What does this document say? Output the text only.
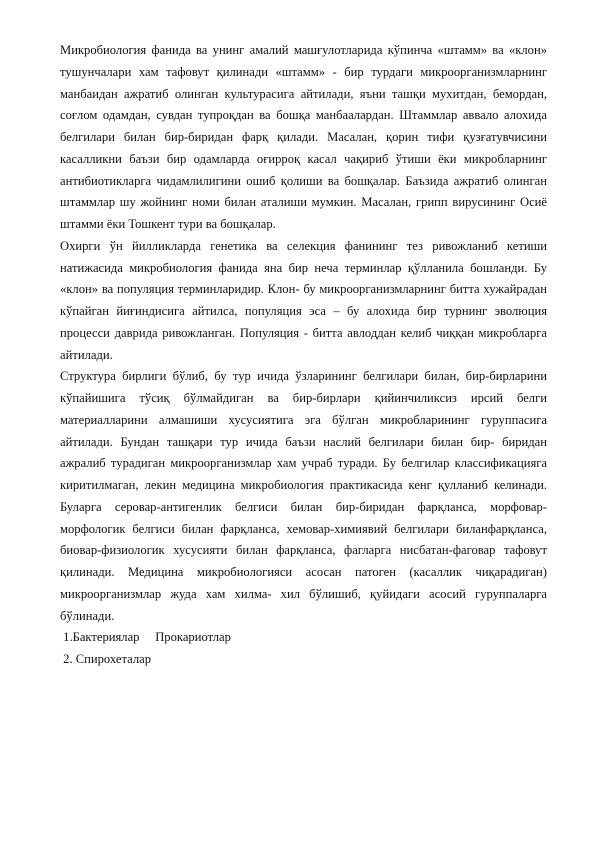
Микробиология фанида ва унинг амалий машғулотларида кўпинча «штамм» ва «клон» тушунчалари хам тафовут қилинади «штамм» - бир турдаги микроорганизмларнинг манбаидан ажратиб олинган культурасига айтилади, яъни ташқи мухитдан, бемордан, соғлом одамдан, сувдан тупроқдан ва бошқа манбаалардан. Штаммлар аввало алохида белгилари билан бир-биридан фарқ қилади. Масалан, қорин тифи қузғатувчисини касалликни баъзи бир одамларда оғирроқ касал чақириб ўтиши ёки микробларнинг антибиотикларга чидамлилигини ошиб қолиши ва бошқалар. Баъзида ажратиб олинган штаммлар шу жойнинг номи билан аталиши мумкин. Масалан, грипп вирусининг Осиё штамми ёки Тошкент тури ва бошқалар.

Охирги ўн йилликларда генетика ва селекция фанининг тез ривожланиб кетиши натижасида микробиология фанида яна бир неча терминлар қўлланила бошланди. Бу «клон» ва популяция терминларидир. Клон- бу микроорганизмларнинг битта хужайрадан кўпайган йиғиндисига айтилса, популяция эса – бу алохида бир турнинг эволюция процесси даврида ривожланган. Популяция - битта авлоддан келиб чиққан микробларга айтилади.

Структура бирлиги бўлиб, бу тур ичида ўзларининг белгилари билан, бир-бирларини кўпайишига тўсиқ бўлмайдиган ва бир-бирлари қийинчиликсиз ирсий белги материалларини алмашиши хусусиятига эга бўлган микробларининг гуруппасига айтилади. Бундан ташқари тур ичида баъзи наслий белгилари билан бир- биридан ажралиб турадиган микроорганизмлар хам учраб туради. Бу белгилар классификацияга киритилмаган, лекин медицина микробиология практикасида кенг қулланиб келинади. Буларга серовар-антигенлик белгиси билан бир-биридан фарқланса, морфовар- морфологик белгиси билан фарқланса, хемовар-химиявий белгилари биланфарқланса, биовар-физиологик хусусияти билан фарқланса, фагларга нисбатан-фаговар тафовут қилинади. Медицина микробиологияси асосан патоген (касаллик чиқарадиган) микроорганизмлар жуда хам хилма- хил бўлишиб, қуйидаги асосий гуруппаларга бўлинади.

1.Бактериялар     Прокариотлар

2. Спирохеталар
